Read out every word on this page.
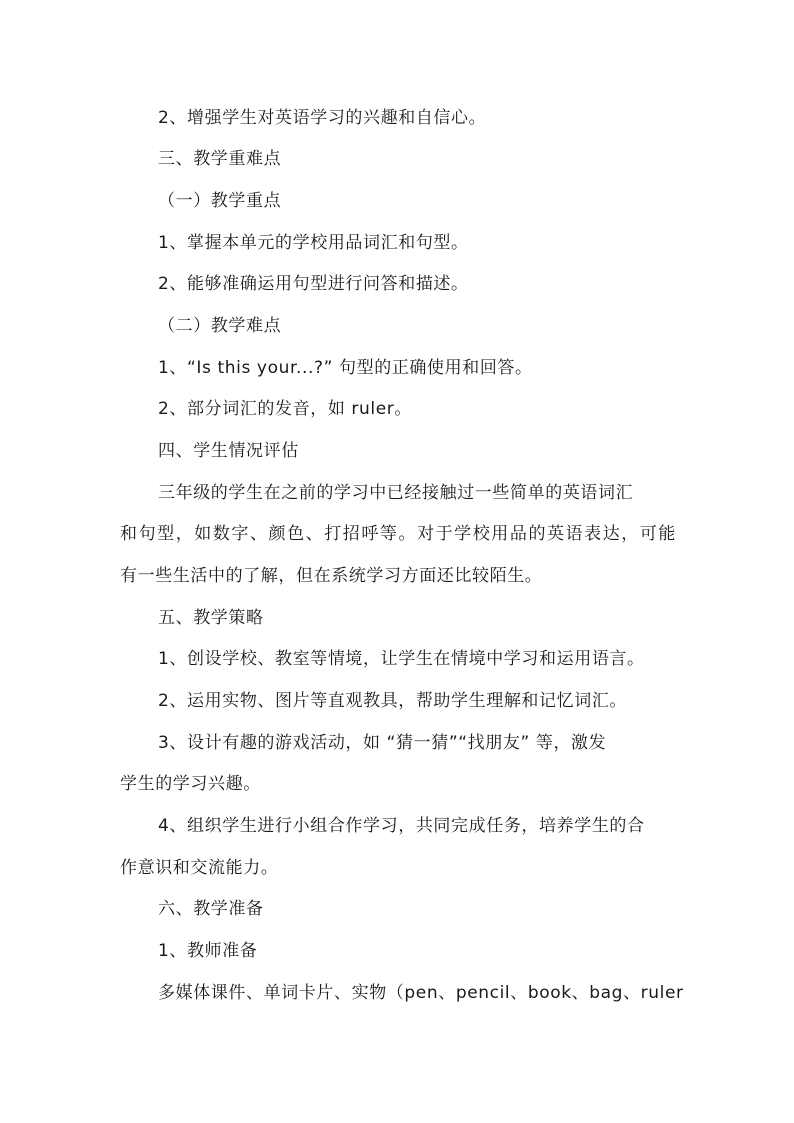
2、增强学生对英语学习的兴趣和自信心。
三、教学重难点
（一）教学重点
1、掌握本单元的学校用品词汇和句型。
2、能够准确运用句型进行问答和描述。
（二）教学难点
1、“Is this your...?” 句型的正确使用和回答。
2、部分词汇的发音，如 ruler。
四、学生情况评估
三年级的学生在之前的学习中已经接触过一些简单的英语词汇
和句型，如数字、颜色、打招呼等。对于学校用品的英语表达，可能
有一些生活中的了解，但在系统学习方面还比较陌生。
五、教学策略
1、创设学校、教室等情境，让学生在情境中学习和运用语言。
2、运用实物、图片等直观教具，帮助学生理解和记忆词汇。
3、设计有趣的游戏活动，如 “猜一猜”“找朋友” 等，激发
学生的学习兴趣。
4、组织学生进行小组合作学习，共同完成任务，培养学生的合
作意识和交流能力。
六、教学准备
1、教师准备
多媒体课件、单词卡片、实物（pen、pencil、book、bag、ruler
